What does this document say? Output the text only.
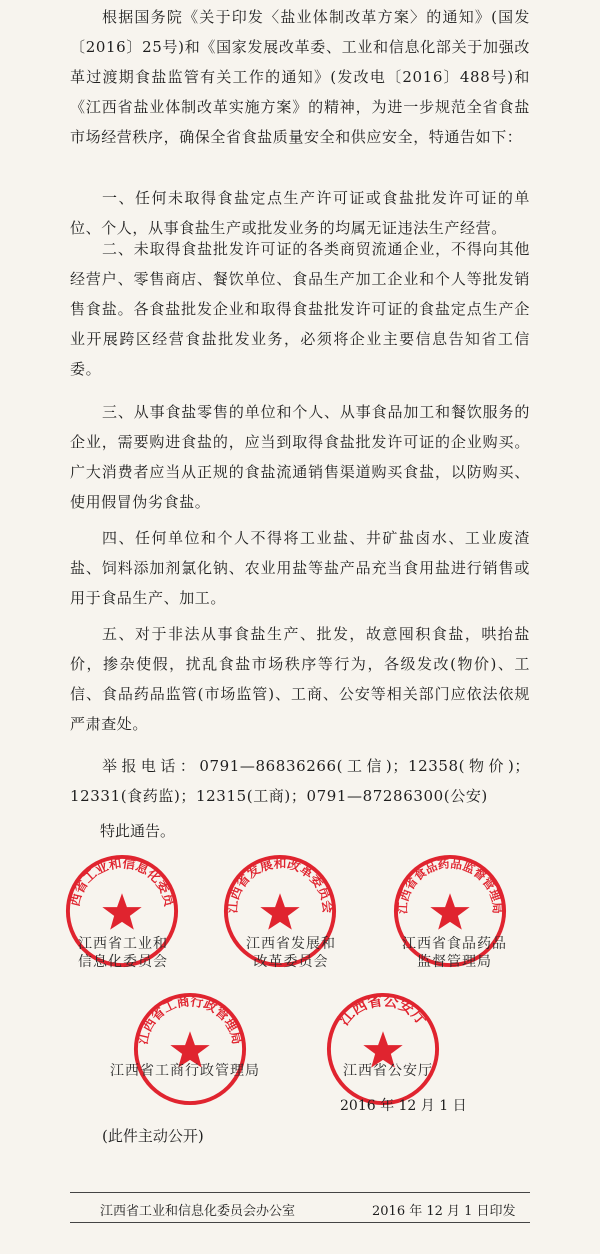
根据国务院《关于印发〈盐业体制改革方案〉的通知》(国发〔2016〕25号)和《国家发展改革委、工业和信息化部关于加强改革过渡期食盐监管有关工作的通知》(发改电〔2016〕488号)和《江西省盐业体制改革实施方案》的精神，为进一步规范全省食盐市场经营秩序，确保全省食盐质量安全和供应安全，特通告如下：

一、任何未取得食盐定点生产许可证或食盐批发许可证的单位、个人，从事食盐生产或批发业务的均属无证违法生产经营。

二、未取得食盐批发许可证的各类商贸流通企业，不得向其他经营户、零售商店、餐饮单位、食品生产加工企业和个人等批发销售食盐。各食盐批发企业和取得食盐批发许可证的食盐定点生产企业开展跨区经营食盐批发业务，必须将企业主要信息告知省工信委。

三、从事食盐零售的单位和个人、从事食品加工和餐饮服务的企业，需要购进食盐的，应当到取得食盐批发许可证的企业购买。广大消费者应当从正规的食盐流通销售渠道购买食盐，以防购买、使用假冒伪劣食盐。

四、任何单位和个人不得将工业盐、井矿盐卤水、工业废渣盐、饲料添加剂氯化钠、农业用盐等盐产品充当食用盐进行销售或用于食品生产、加工。

五、对于非法从事食盐生产、批发，故意囤积食盐，哄抬盐价，掺杂使假，扰乱食盐市场秩序等行为，各级发改(物价)、工信、食品药品监管(市场监管)、工商、公安等相关部门应依法依规严肃查处。

举报电话：0791—86836266(工信)；12358(物价)；12331(食药监)；12315(工商)；0791—87286300(公安)

特此通告。
西省工业和信息化委员
江西省工业和
信息化委员会
江西省发展和改革委员会
江西省发展和
改革委员会
江西省食品药品监督管理局
江西省食品药品
监督管理局
江西省工商行政管理局
江西省工商行政管理局
江西省公安厅
江西省公安厅
2016 年 12 月 1 日
(此件主动公开)
江西省工业和信息化委员会办公室	2016 年 12 月 1 日印发
